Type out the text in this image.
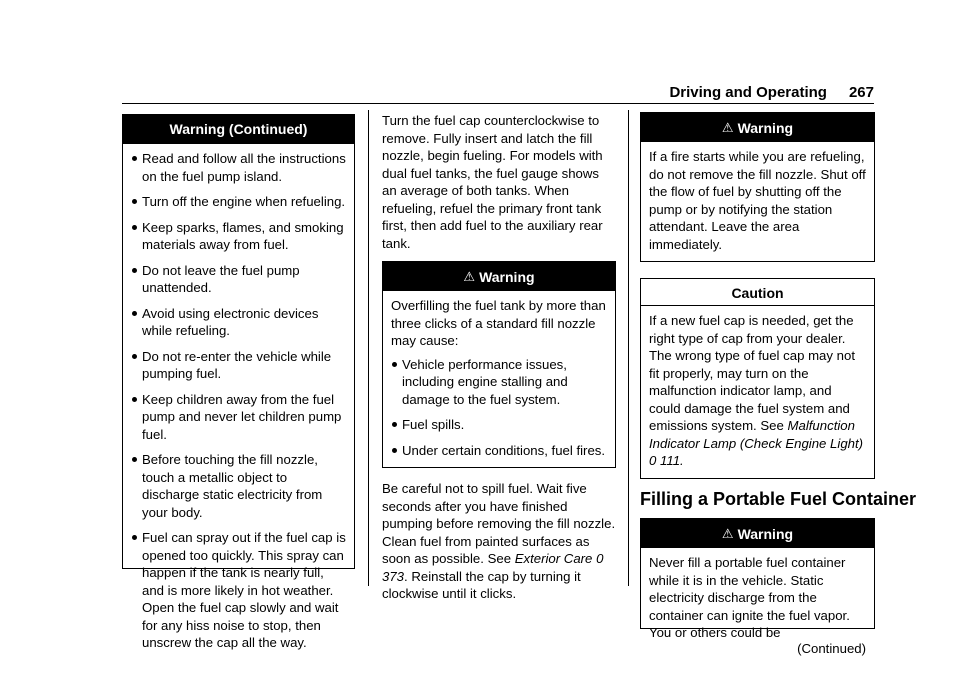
Driving and Operating 267
Warning (Continued)
Read and follow all the instructions on the fuel pump island.
Turn off the engine when refueling.
Keep sparks, flames, and smoking materials away from fuel.
Do not leave the fuel pump unattended.
Avoid using electronic devices while refueling.
Do not re-enter the vehicle while pumping fuel.
Keep children away from the fuel pump and never let children pump fuel.
Before touching the fill nozzle, touch a metallic object to discharge static electricity from your body.
Fuel can spray out if the fuel cap is opened too quickly. This spray can happen if the tank is nearly full, and is more likely in hot weather. Open the fuel cap slowly and wait for any hiss noise to stop, then unscrew the cap all the way.

Turn the fuel cap counterclockwise to remove. Fully insert and latch the fill nozzle, begin fueling. For models with dual fuel tanks, the fuel gauge shows an average of both tanks. When refueling, refuel the primary front tank first, then add fuel to the auxiliary rear tank.

⚠ Warning

Overfilling the fuel tank by more than three clicks of a standard fill nozzle may cause:

Vehicle performance issues, including engine stalling and damage to the fuel system.
Fuel spills.
Under certain conditions, fuel fires.

Be careful not to spill fuel. Wait five seconds after you have finished pumping before removing the fill nozzle. Clean fuel from painted surfaces as soon as possible. See Exterior Care 0 373. Reinstall the cap by turning it clockwise until it clicks.

⚠ Warning

If a fire starts while you are refueling, do not remove the fill nozzle. Shut off the flow of fuel by shutting off the pump or by notifying the station attendant. Leave the area immediately.

Caution

If a new fuel cap is needed, get the right type of cap from your dealer. The wrong type of fuel cap may not fit properly, may turn on the malfunction indicator lamp, and could damage the fuel system and emissions system. See Malfunction Indicator Lamp (Check Engine Light) 0 111.

Filling a Portable Fuel Container
⚠ Warning

Never fill a portable fuel container while it is in the vehicle. Static electricity discharge from the container can ignite the fuel vapor. You or others could be

(Continued)
